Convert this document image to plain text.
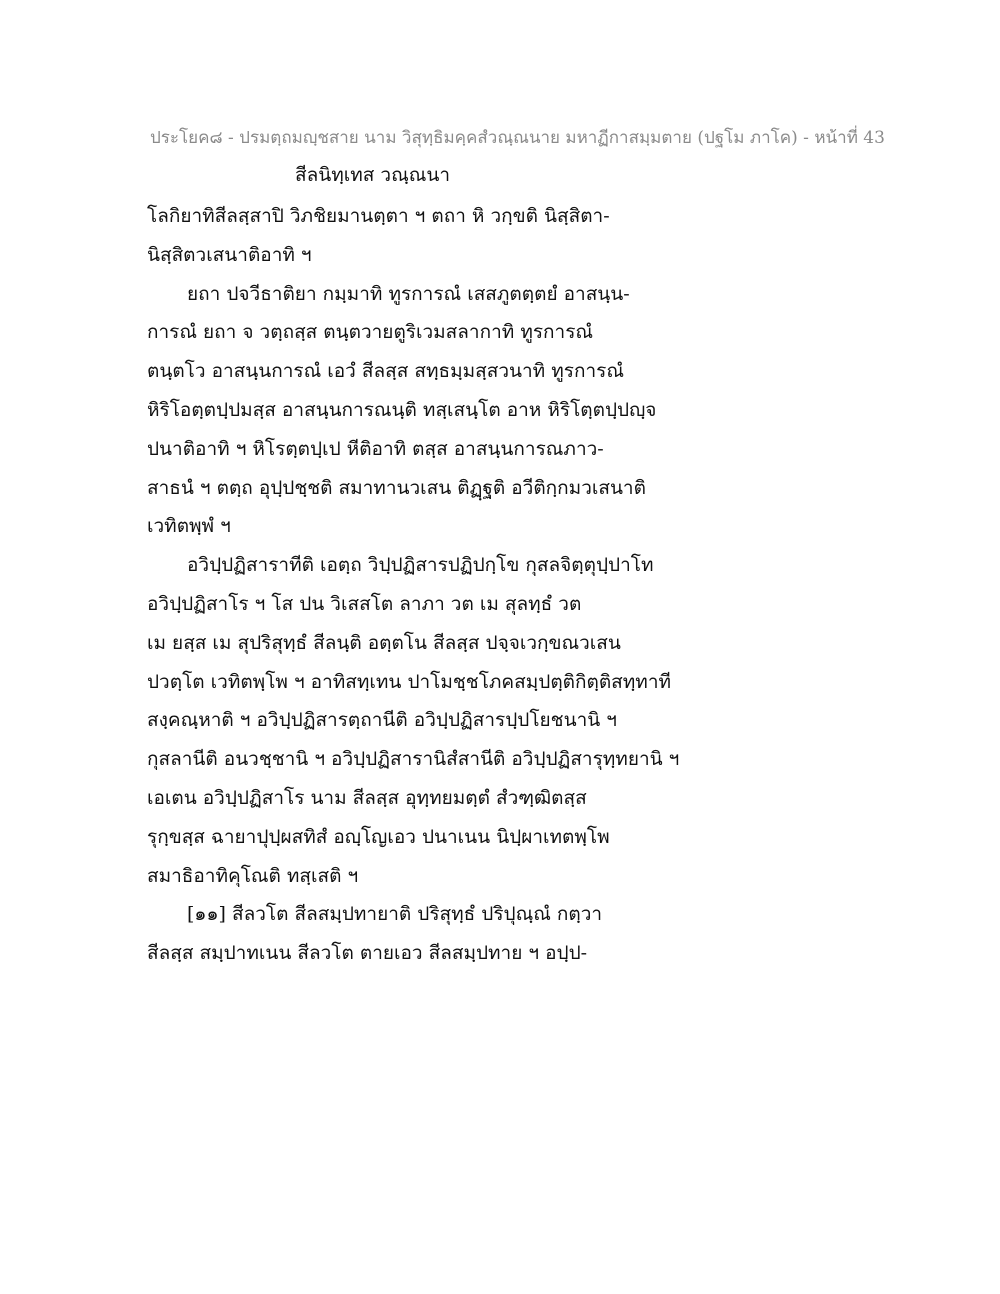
ประโยค๘ - ปรมตฺถมญฺชสาย นาม วิสุทฺธิมคฺคสํวณฺณนาย มหาฏีกาสมฺมตาย (ปฐโม ภาโค) - หน้าที่ 43
สีลนิทฺเทส วณฺณนา
โลกิยาทิสีลสฺสาปิ วิภชิยมานตฺตา ฯ ตถา หิ วกฺขติ นิสฺสิตา-
นิสฺสิตวเสนาติอาทิ ฯ
ยถา ปจวีธาติยา กมฺมาทิ ทูรการณํ เสสภูตตฺตยํ อาสนฺน-
การณํ ยถา จ วตฺถสฺส ตนฺตวายตูริเวมสลากาทิ ทูรการณํ
ตนฺตโว อาสนฺนการณํ เอวํ สีลสฺส สทฺธมฺมสฺสวนาทิ ทูรการณํ
หิริโอตฺตปฺปมสฺส อาสนฺนการณนฺติ ทสฺเสนฺโต อาห หิริโตฺตปฺปญฺจ
ปนาติอาทิ ฯ หิโรตฺตปฺเป หีติอาทิ ตสฺส อาสนฺนการณภาว-
สาธนํ ฯ ตตฺถ อุปฺปชฺชติ สมาทานวเสน ติฏฺฐติ อวีติกฺกมวเสนาติ
เวทิตพฺพํ ฯ
อวิปฺปฏิสาราทีติ เอตฺถ วิปฺปฏิสารปฏิปกฺโข กุสลจิตฺตุปฺปาโท
อวิปฺปฏิสาโร ฯ โส ปน วิเสสโต ลาภา วต เม สุลทฺธํ วต
เม ยสฺส เม สุปริสุทฺธํ สีลนฺติ อตฺตโน สีลสฺส ปจฺจเวกฺขณวเสน
ปวตฺโต เวทิตพฺโพ ฯ อาทิสทฺเทน ปาโมชฺชโภคสมฺปตฺติกิตฺติสทฺทาที
สงฺคณฺหาติ ฯ อวิปฺปฏิสารตฺถานีติ อวิปฺปฏิสารปฺปโยชนานิ ฯ
กุสลานีติ อนวชฺชานิ ฯ อวิปฺปฏิสารานิสํสานีติ อวิปฺปฏิสารุทฺทยานิ ฯ
เอเตน อวิปฺปฏิสาโร นาม สีลสฺส อุทฺทยมตฺตํ สํวฑฺฒิตสฺส
รุกฺขสฺส ฉายาปุปฺผสทิสํ อญฺโญเอว ปนาเนน นิปฺผาเทตพฺโพ
สมาธิอาทิคุโณติ ทสฺเสติ ฯ
[๑๑] สีลวโต สีลสมฺปทายาติ ปริสุทฺธํ ปริปุณฺณํ กตฺวา
สีลสฺส สมฺปาทเนน สีลวโต ตายเอว สีลสมฺปทาย ฯ อปฺป-
